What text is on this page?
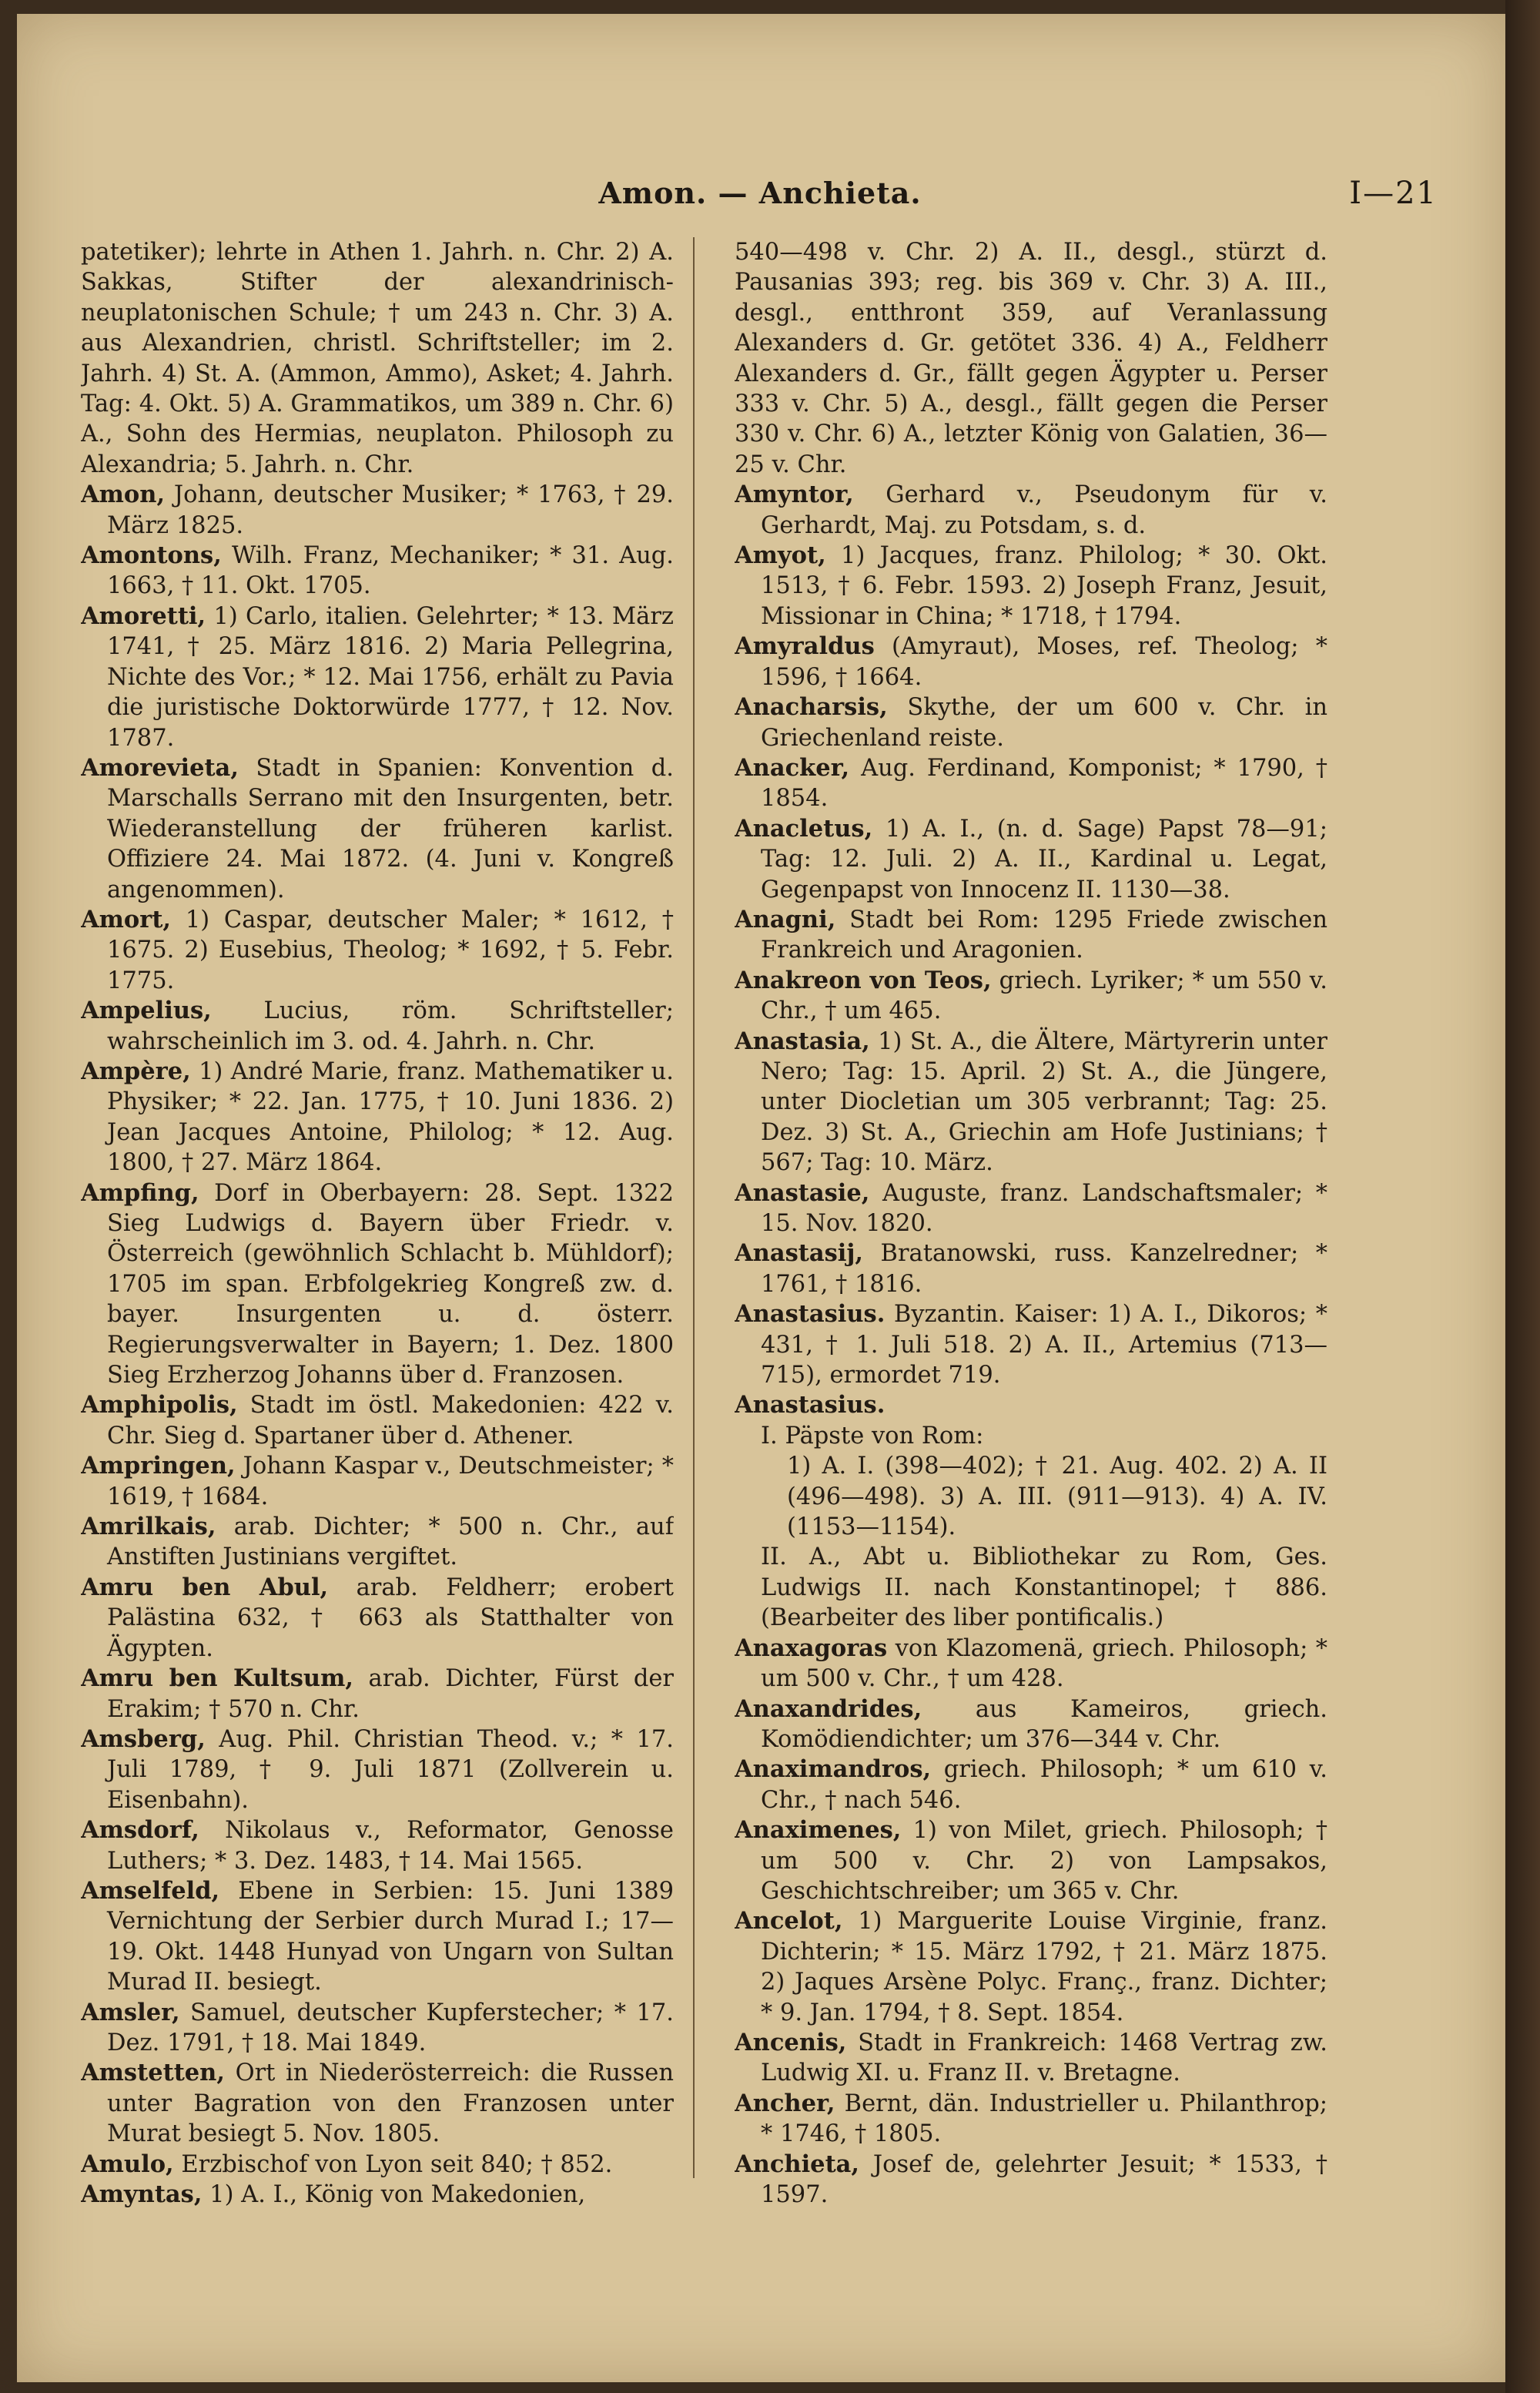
Amon. — Anchieta.	I—21

patetiker); lehrte in Athen 1. Jahrh. n. Chr. 2) A. Sakkas, Stifter der alexandrinisch-neuplatonischen Schule; † um 243 n. Chr. 3) A. aus Alexandrien, christl. Schriftsteller; im 2. Jahrh. 4) St. A. (Ammon, Ammo), Asket; 4. Jahrh. Tag: 4. Okt. 5) A. Grammatikos, um 389 n. Chr. 6) A., Sohn des Hermias, neuplaton. Philosoph zu Alexandria; 5. Jahrh. n. Chr.

Amon, Johann, deutscher Musiker; * 1763, † 29. März 1825.

Amontons, Wilh. Franz, Mechaniker; * 31. Aug. 1663, † 11. Okt. 1705.

Amoretti, 1) Carlo, italien. Gelehrter; * 13. März 1741, † 25. März 1816. 2) Maria Pellegrina, Nichte des Vor.; * 12. Mai 1756, erhält zu Pavia die juristische Doktorwürde 1777, † 12. Nov. 1787.

Amorevieta, Stadt in Spanien: Konvention d. Marschalls Serrano mit den Insurgenten, betr. Wiederanstellung der früheren karlist. Offiziere 24. Mai 1872. (4. Juni v. Kongreß angenommen).

Amort, 1) Caspar, deutscher Maler; * 1612, † 1675. 2) Eusebius, Theolog; * 1692, † 5. Febr. 1775.

Ampelius, Lucius, röm. Schriftsteller; wahrscheinlich im 3. od. 4. Jahrh. n. Chr.

Ampère, 1) André Marie, franz. Mathematiker u. Physiker; * 22. Jan. 1775, † 10. Juni 1836. 2) Jean Jacques Antoine, Philolog; * 12. Aug. 1800, † 27. März 1864.

Ampfing, Dorf in Oberbayern: 28. Sept. 1322 Sieg Ludwigs d. Bayern über Friedr. v. Österreich (gewöhnlich Schlacht b. Mühldorf); 1705 im span. Erbfolgekrieg Kongreß zw. d. bayer. Insurgenten u. d. österr. Regierungsverwalter in Bayern; 1. Dez. 1800 Sieg Erzherzog Johanns über d. Franzosen.

Amphipolis, Stadt im östl. Makedonien: 422 v. Chr. Sieg d. Spartaner über d. Athener.

Ampringen, Johann Kaspar v., Deutschmeister; * 1619, † 1684.

Amrilkais, arab. Dichter; * 500 n. Chr., auf Anstiften Justinians vergiftet.

Amru ben Abul, arab. Feldherr; erobert Palästina 632, † 663 als Statthalter von Ägypten.

Amru ben Kultsum, arab. Dichter, Fürst der Erakim; † 570 n. Chr.

Amsberg, Aug. Phil. Christian Theod. v.; * 17. Juli 1789, † 9. Juli 1871 (Zollverein u. Eisenbahn).

Amsdorf, Nikolaus v., Reformator, Genosse Luthers; * 3. Dez. 1483, † 14. Mai 1565.

Amselfeld, Ebene in Serbien: 15. Juni 1389 Vernichtung der Serbier durch Murad I.; 17—19. Okt. 1448 Hunyad von Ungarn von Sultan Murad II. besiegt.

Amsler, Samuel, deutscher Kupferstecher; * 17. Dez. 1791, † 18. Mai 1849.

Amstetten, Ort in Niederösterreich: die Russen unter Bagration von den Franzosen unter Murat besiegt 5. Nov. 1805.

Amulo, Erzbischof von Lyon seit 840; † 852.

Amyntas, 1) A. I., König von Makedonien,

540—498 v. Chr. 2) A. II., desgl., stürzt d. Pausanias 393; reg. bis 369 v. Chr. 3) A. III., desgl., entthront 359, auf Veranlassung Alexanders d. Gr. getötet 336. 4) A., Feldherr Alexanders d. Gr., fällt gegen Ägypter u. Perser 333 v. Chr. 5) A., desgl., fällt gegen die Perser 330 v. Chr. 6) A., letzter König von Galatien, 36—25 v. Chr.

Amyntor, Gerhard v., Pseudonym für v. Gerhardt, Maj. zu Potsdam, s. d.

Amyot, 1) Jacques, franz. Philolog; * 30. Okt. 1513, † 6. Febr. 1593. 2) Joseph Franz, Jesuit, Missionar in China; * 1718, † 1794.

Amyraldus (Amyraut), Moses, ref. Theolog; * 1596, † 1664.

Anacharsis, Skythe, der um 600 v. Chr. in Griechenland reiste.

Anacker, Aug. Ferdinand, Komponist; * 1790, † 1854.

Anacletus, 1) A. I., (n. d. Sage) Papst 78—91; Tag: 12. Juli. 2) A. II., Kardinal u. Legat, Gegenpapst von Innocenz II. 1130—38.

Anagni, Stadt bei Rom: 1295 Friede zwischen Frankreich und Aragonien.

Anakreon von Teos, griech. Lyriker; * um 550 v. Chr., † um 465.

Anastasia, 1) St. A., die Ältere, Märtyrerin unter Nero; Tag: 15. April. 2) St. A., die Jüngere, unter Diocletian um 305 verbrannt; Tag: 25. Dez. 3) St. A., Griechin am Hofe Justinians; † 567; Tag: 10. März.

Anastasie, Auguste, franz. Landschaftsmaler; * 15. Nov. 1820.

Anastasij, Bratanowski, russ. Kanzelredner; * 1761, † 1816.

Anastasius. Byzantin. Kaiser: 1) A. I., Dikoros; * 431, † 1. Juli 518. 2) A. II., Artemius (713—715), ermordet 719.

Anastasius.

I. Päpste von Rom:

1) A. I. (398—402); † 21. Aug. 402. 2) A. II (496—498). 3) A. III. (911—913). 4) A. IV. (1153—1154).

II. A., Abt u. Bibliothekar zu Rom, Ges. Ludwigs II. nach Konstantinopel; † 886. (Bearbeiter des liber pontificalis.)

Anaxagoras von Klazomenä, griech. Philosoph; * um 500 v. Chr., † um 428.

Anaxandrides, aus Kameiros, griech. Komödiendichter; um 376—344 v. Chr.

Anaximandros, griech. Philosoph; * um 610 v. Chr., † nach 546.

Anaximenes, 1) von Milet, griech. Philosoph; † um 500 v. Chr. 2) von Lampsakos, Geschichtschreiber; um 365 v. Chr.

Ancelot, 1) Marguerite Louise Virginie, franz. Dichterin; * 15. März 1792, † 21. März 1875. 2) Jaques Arsène Polyc. Franç., franz. Dichter; * 9. Jan. 1794, † 8. Sept. 1854.

Ancenis, Stadt in Frankreich: 1468 Vertrag zw. Ludwig XI. u. Franz II. v. Bretagne.

Ancher, Bernt, dän. Industrieller u. Philanthrop; * 1746, † 1805.

Anchieta, Josef de, gelehrter Jesuit; * 1533, † 1597.
